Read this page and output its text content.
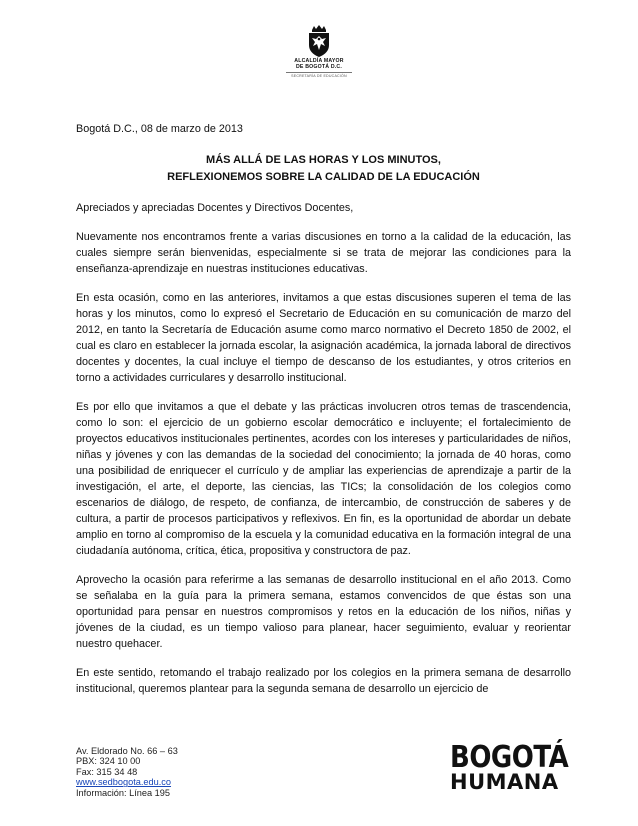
ALCALDÍA MAYOR
DE BOGOTÁ D.C.
SECRETARÍA DE EDUCACIÓN

Bogotá D.C., 08 de marzo de 2013

MÁS ALLÁ DE LAS HORAS Y LOS MINUTOS,
REFLEXIONEMOS SOBRE LA CALIDAD DE LA EDUCACIÓN

Apreciados y apreciadas Docentes y Directivos Docentes,

Nuevamente nos encontramos frente a varias discusiones en torno a la calidad de la educación, las cuales siempre serán bienvenidas, especialmente si se trata de mejorar las condiciones para la enseñanza-aprendizaje en nuestras instituciones educativas.

En esta ocasión, como en las anteriores, invitamos a que estas discusiones superen el tema de las horas y los minutos, como lo expresó el Secretario de Educación en su comunicación de marzo del 2012, en tanto la Secretaría de Educación asume como marco normativo el Decreto 1850 de 2002, el cual es claro en establecer la jornada escolar, la asignación académica, la jornada laboral de directivos docentes y docentes, la cual incluye el tiempo de descanso de los estudiantes, y otros criterios en torno a actividades curriculares y desarrollo institucional.

Es por ello que invitamos a que el debate y las prácticas involucren otros temas de trascendencia, como lo son: el ejercicio de un gobierno escolar democrático e incluyente; el fortalecimiento de proyectos educativos institucionales pertinentes, acordes con los intereses y particularidades de niños, niñas y jóvenes y con las demandas de la sociedad del conocimiento; la jornada de 40 horas, como una posibilidad de enriquecer el currículo y de ampliar las experiencias de aprendizaje a partir de la investigación, el arte, el deporte, las ciencias, las TICs; la consolidación de los colegios como escenarios de diálogo, de respeto, de confianza, de intercambio, de construcción de saberes y de cultura, a partir de procesos participativos y reflexivos. En fin, es la oportunidad de abordar un debate amplio en torno al compromiso de la escuela y la comunidad educativa en la formación integral de una ciudadanía autónoma, crítica, ética, propositiva y constructora de paz.

Aprovecho la ocasión para referirme a las semanas de desarrollo institucional en el año 2013. Como se señalaba en la guía para la primera semana, estamos convencidos de que éstas son una oportunidad para pensar en nuestros compromisos y retos en la educación de los niños, niñas y jóvenes de la ciudad, es un tiempo valioso para planear, hacer seguimiento, evaluar y reorientar nuestro quehacer.

En este sentido, retomando el trabajo realizado por los colegios en la primera semana de desarrollo institucional, queremos plantear para la segunda semana de desarrollo un ejercicio de

Av. Eldorado No. 66 – 63
PBX: 324 10 00
Fax: 315 34 48
www.sedbogota.edu.co
Información: Línea 195
BOGOTÁ
HUMANA
